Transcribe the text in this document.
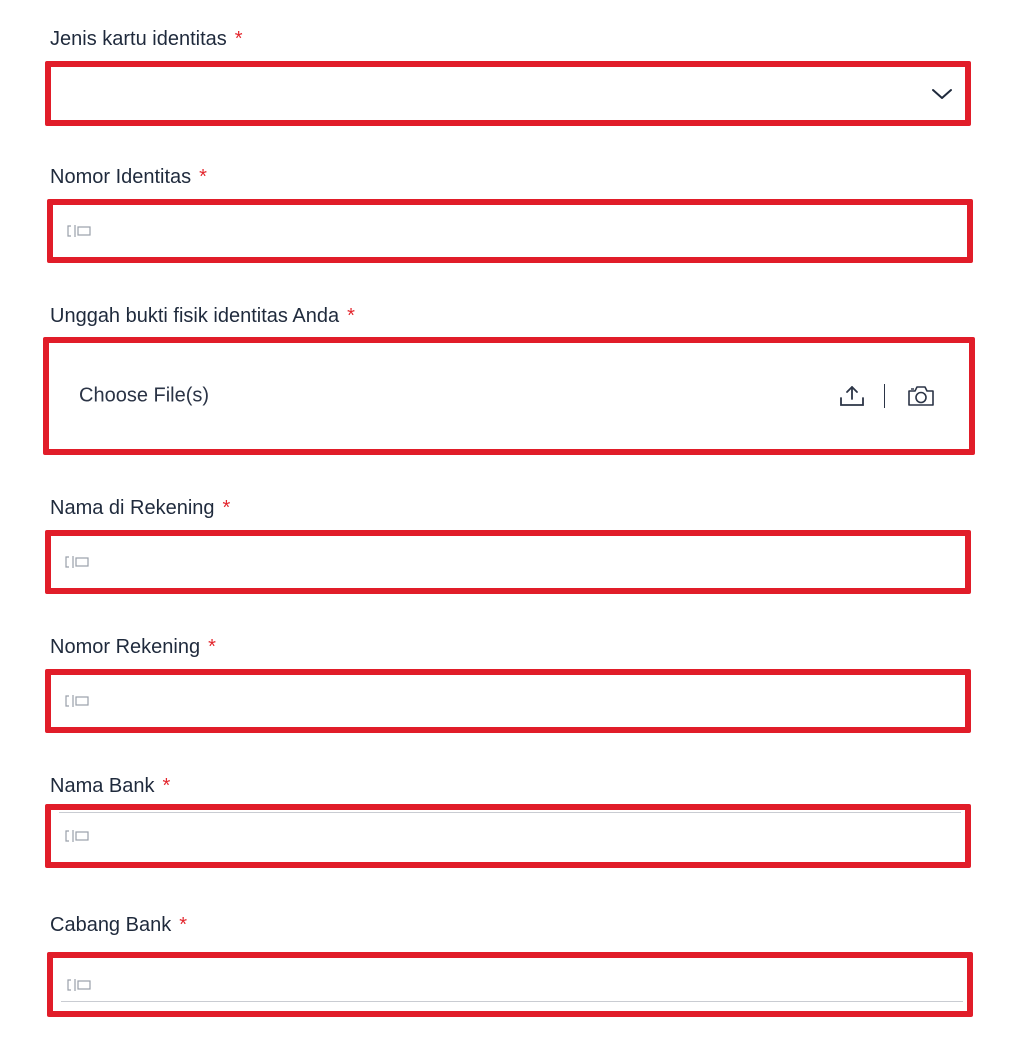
Jenis kartu identitas *
Nomor Identitas *
Unggah bukti fisik identitas Anda *
Choose File(s)
Nama di Rekening *
Nomor Rekening *
Nama Bank *
Cabang Bank *
